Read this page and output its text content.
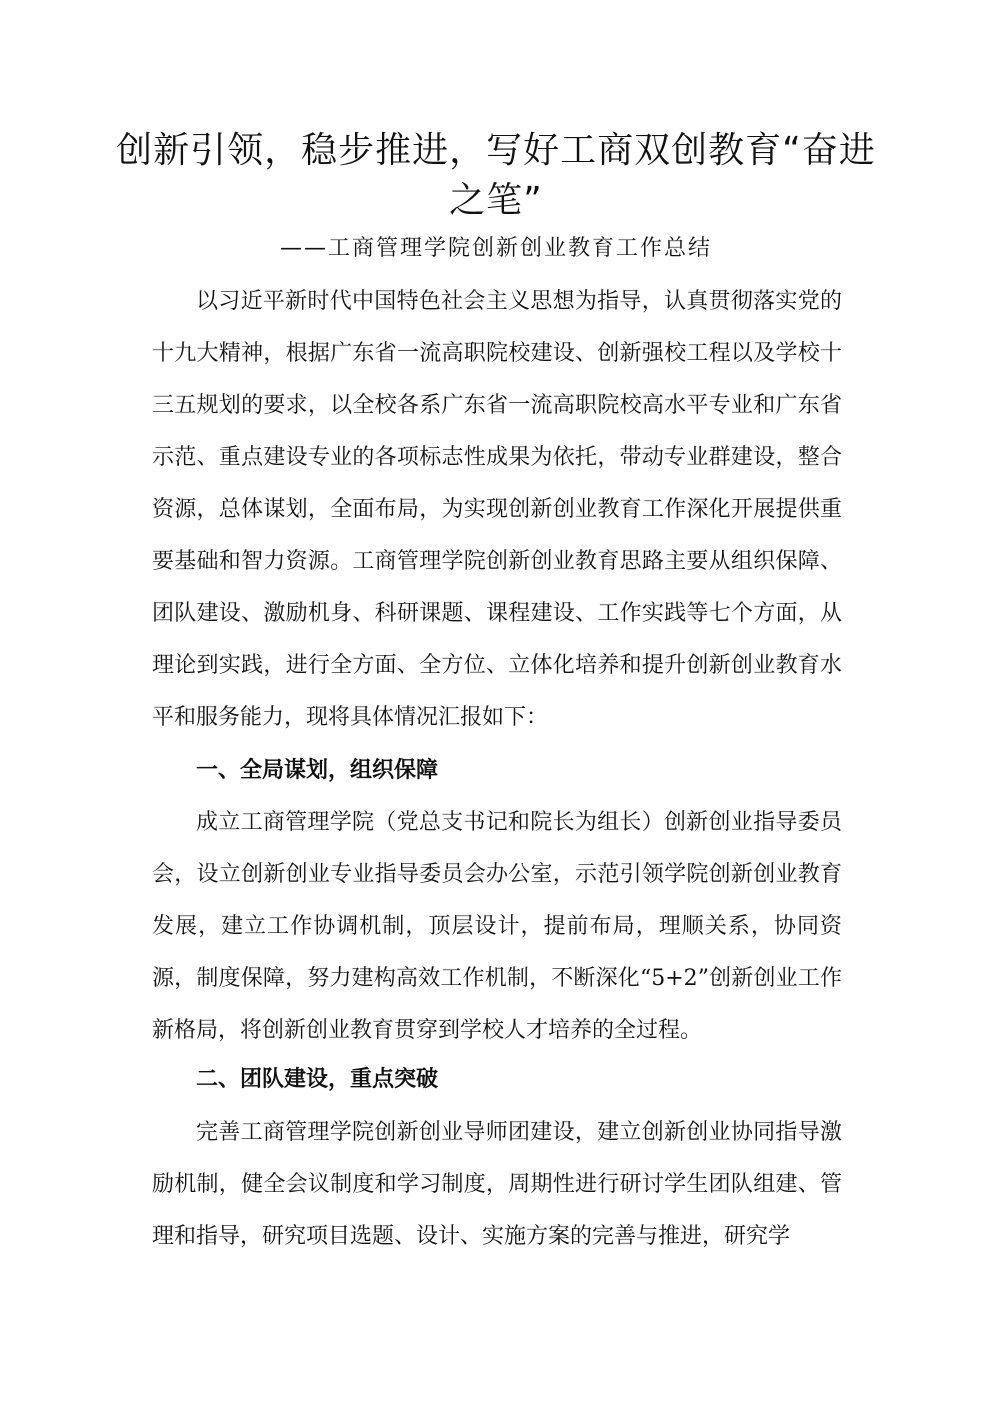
创新引领，稳步推进，写好工商双创教育“奋进之笔”
——工商管理学院创新创业教育工作总结

以习近平新时代中国特色社会主义思想为指导，认真贯彻落实党的十九大精神，根据广东省一流高职院校建设、创新强校工程以及学校十三五规划的要求，以全校各系广东省一流高职院校高水平专业和广东省示范、重点建设专业的各项标志性成果为依托，带动专业群建设，整合资源，总体谋划，全面布局，为实现创新创业教育工作深化开展提供重要基础和智力资源。工商管理学院创新创业教育思路主要从组织保障、团队建设、激励机身、科研课题、课程建设、工作实践等七个方面，从理论到实践，进行全方面、全方位、立体化培养和提升创新创业教育水平和服务能力，现将具体情况汇报如下：

一、全局谋划，组织保障

成立工商管理学院（党总支书记和院长为组长）创新创业指导委员会，设立创新创业专业指导委员会办公室，示范引领学院创新创业教育发展，建立工作协调机制，顶层设计，提前布局，理顺关系，协同资源，制度保障，努力建构高效工作机制，不断深化“5+2”创新创业工作新格局，将创新创业教育贯穿到学校人才培养的全过程。

二、团队建设，重点突破

完善工商管理学院创新创业导师团建设，建立创新创业协同指导激励机制，健全会议制度和学习制度，周期性进行研讨学生团队组建、管理和指导，研究项目选题、设计、实施方案的完善与推进，研究学
